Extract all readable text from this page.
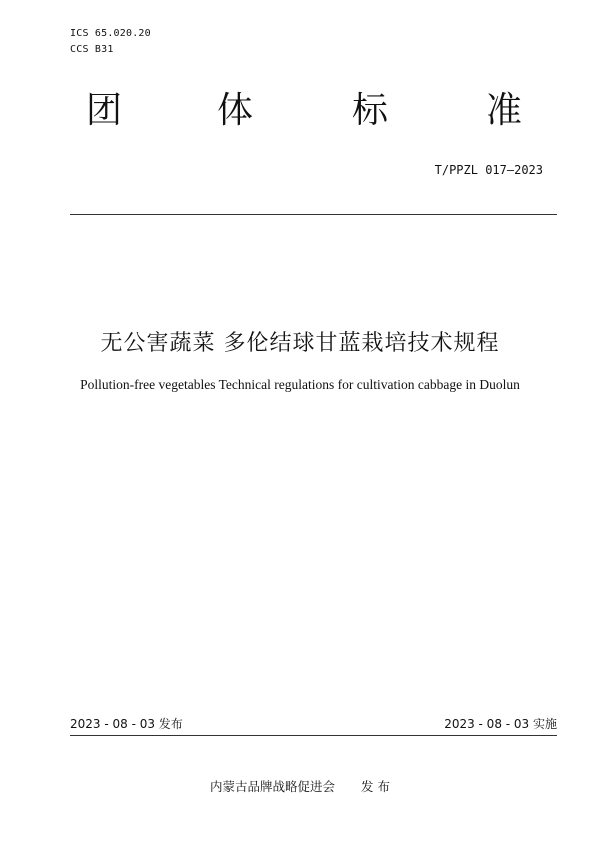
ICS 65.020.20
CCS B31
团	体	标	准
T/PPZL 017—2023
无公害蔬菜 多伦结球甘蓝栽培技术规程
Pollution-free vegetables Technical regulations for cultivation cabbage in Duolun
2023 - 08 - 03 发布	2023 - 08 - 03 实施
内蒙古品牌战略促进会 发 布
